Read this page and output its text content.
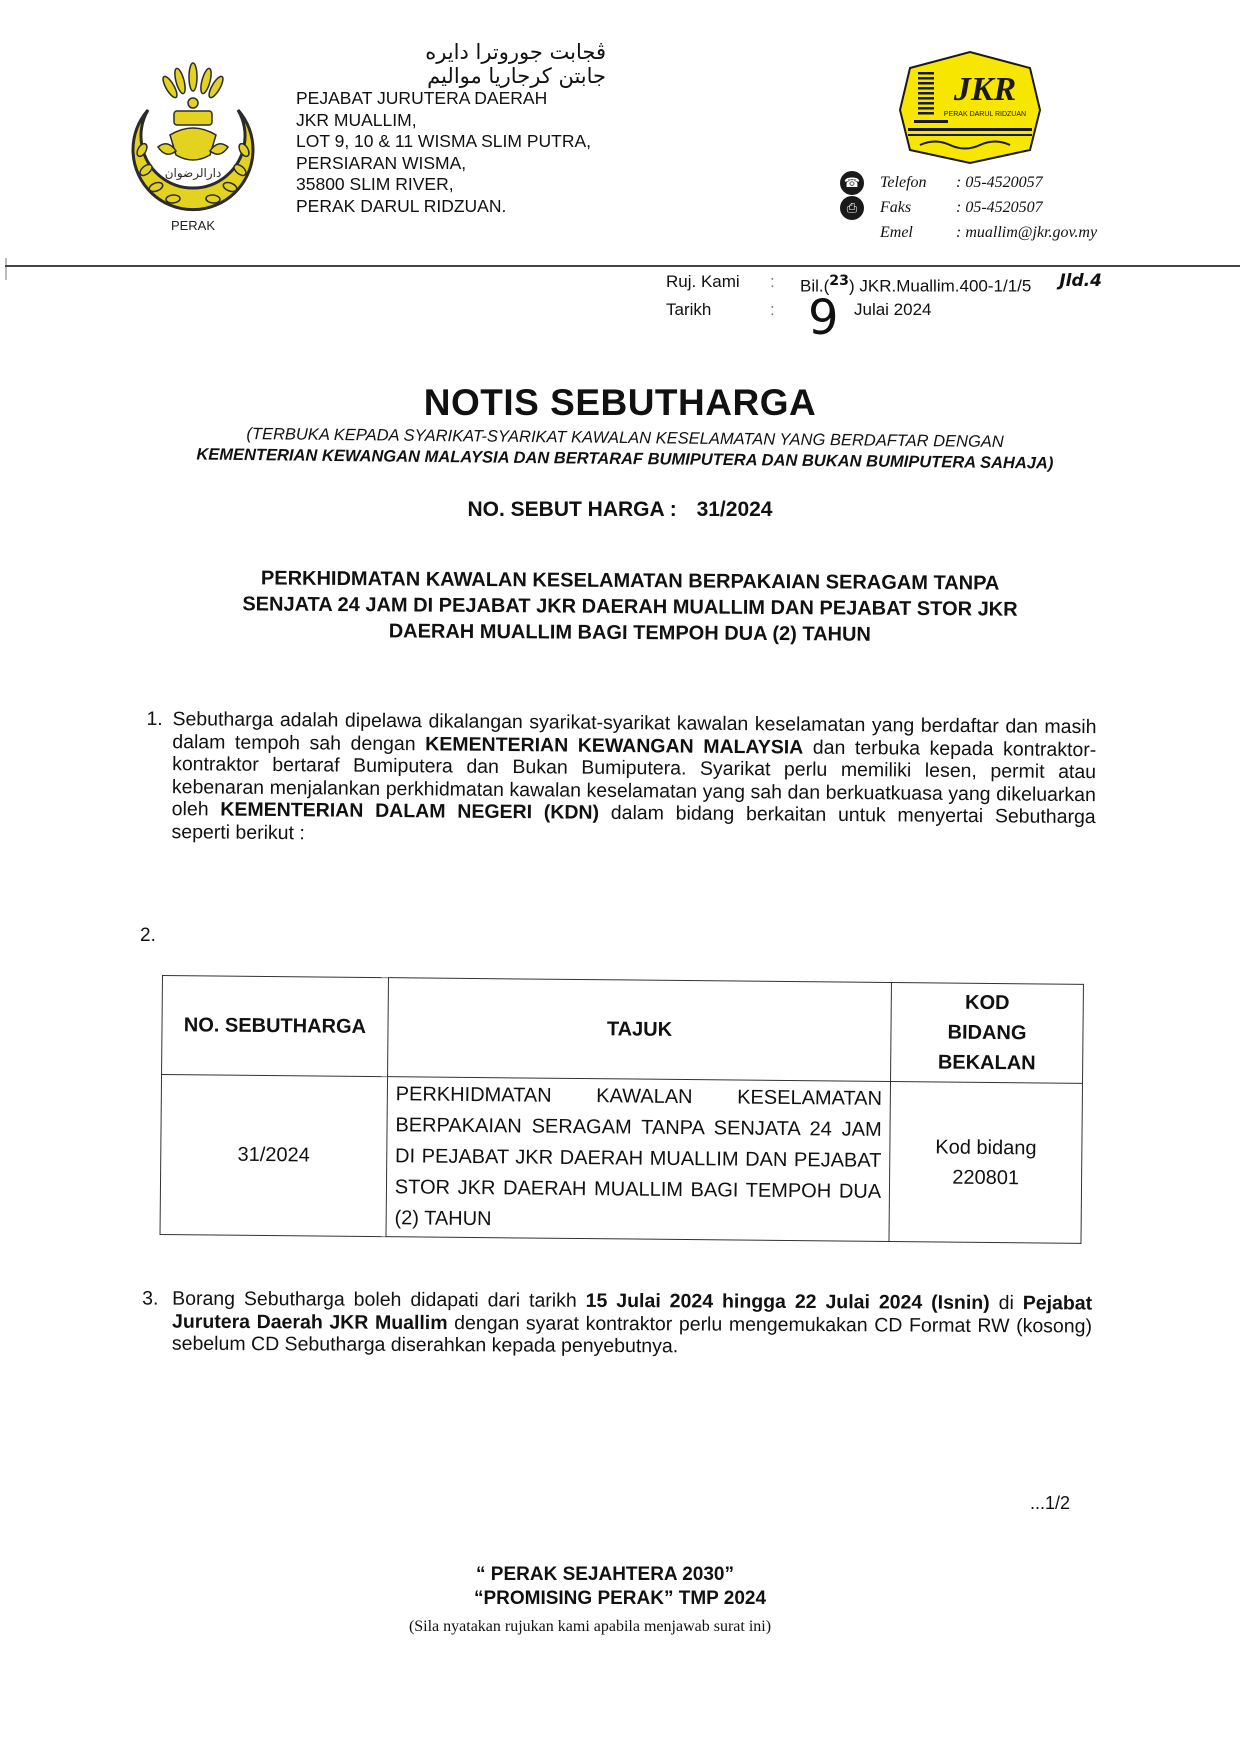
دارالرضوان
PERAK
ڤجابت جوروترا دايره
جابتن كرجاريا مواليم
PEJABAT JURUTERA DAERAH
JKR MUALLIM,
LOT 9, 10 & 11 WISMA SLIM PUTRA,
PERSIARAN WISMA,
35800 SLIM RIVER,
PERAK DARUL RIDZUAN.
JKR
PERAK DARUL RIDZUAN
☎ Telefon	: 05-4520057
⎙	Faks	: 05-4520507
Emel	: muallim@jkr.gov.my
Ruj. Kami	:	Bil.($^{23}$) JKR.Muallim.400-1/1/5 Jld.4
Tarikh	:	Julai 2024
9
NOTIS SEBUTHARGA
(TERBUKA KEPADA SYARIKAT-SYARIKAT KAWALAN KESELAMATAN YANG BERDAFTAR DENGAN
KEMENTERIAN KEWANGAN MALAYSIA DAN BERTARAF BUMIPUTERA DAN BUKAN BUMIPUTERA SAHAJA)
NO. SEBUT HARGA : 31/2024
PERKHIDMATAN KAWALAN KESELAMATAN BERPAKAIAN SERAGAM TANPA
SENJATA 24 JAM DI PEJABAT JKR DAERAH MUALLIM DAN PEJABAT STOR JKR
DAERAH MUALLIM BAGI TEMPOH DUA (2) TAHUN
1. Sebutharga adalah dipelawa dikalangan syarikat-syarikat kawalan keselamatan yang berdaftar dan masih dalam tempoh sah dengan KEMENTERIAN KEWANGAN MALAYSIA dan terbuka kepada kontraktor-kontraktor bertaraf Bumiputera dan Bukan Bumiputera. Syarikat perlu memiliki lesen, permit atau kebenaran menjalankan perkhidmatan kawalan keselamatan yang sah dan berkuatkuasa yang dikeluarkan oleh KEMENTERIAN DALAM NEGERI (KDN) dalam bidang berkaitan untuk menyertai Sebutharga seperti berikut :
2.
NO. SEBUTHARGA	TAJUK	KOD
BIDANG
BEKALAN

31/2024	PERKHIDMATAN KAWALAN KESELAMATAN BERPAKAIAN SERAGAM TANPA SENJATA 24 JAM DI PEJABAT JKR DAERAH MUALLIM DAN PEJABAT STOR JKR DAERAH MUALLIM BAGI TEMPOH DUA (2) TAHUN	Kod bidang
220801
3. Borang Sebutharga boleh didapati dari tarikh 15 Julai 2024 hingga 22 Julai 2024 (Isnin) di Pejabat Jurutera Daerah JKR Muallim dengan syarat kontraktor perlu mengemukakan CD Format RW (kosong) sebelum CD Sebutharga diserahkan kepada penyebutnya.
...1/2
“ PERAK SEJAHTERA 2030”
“PROMISING PERAK” TMP 2024
(Sila nyatakan rujukan kami apabila menjawab surat ini)
